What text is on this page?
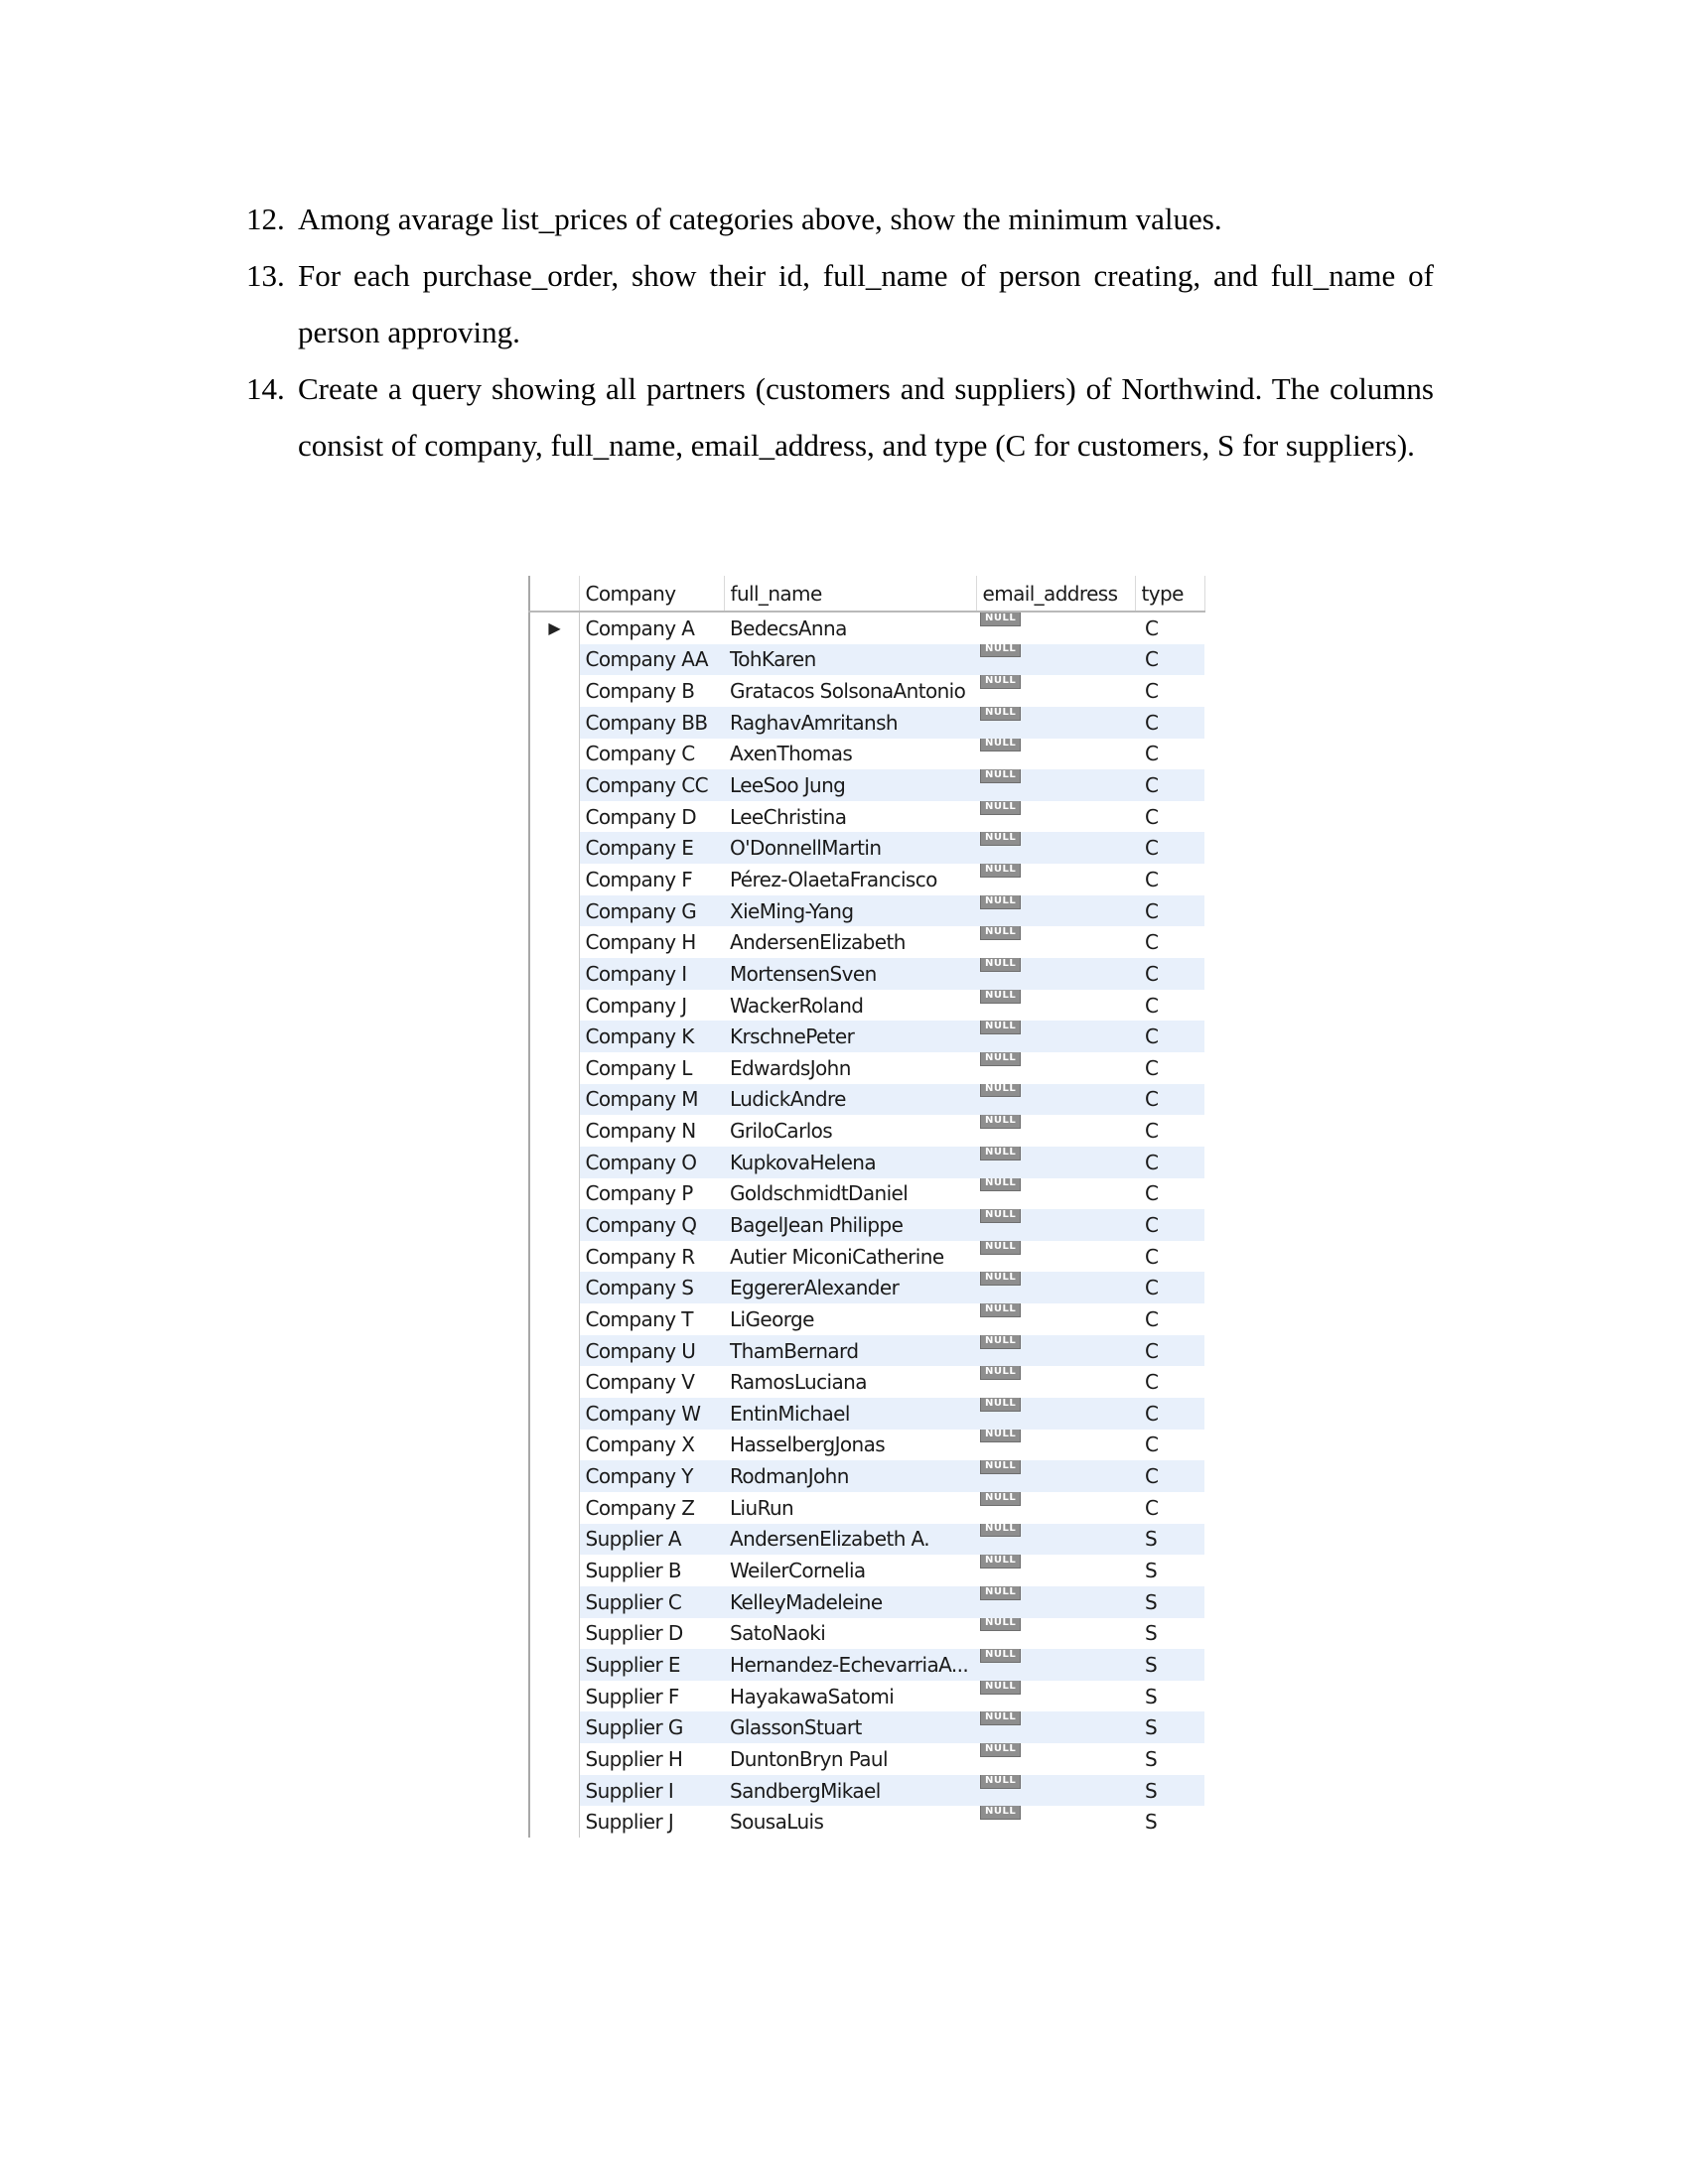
12. Among avarage list_prices of categories above, show the minimum values.
13. For each purchase_order, show their id, full_name of person creating, and full_name of person approving.
14. Create a query showing all partners (customers and suppliers) of Northwind. The columns consist of company, full_name, email_address, and type (C for customers, S for suppliers).
	Company	full_name	email_address	type
▶	Company A	BedecsAnna	NULL	C
	Company AA	TohKaren	NULL	C
	Company B	Gratacos SolsonaAntonio	NULL	C
	Company BB	RaghavAmritansh	NULL	C
	Company C	AxenThomas	NULL	C
	Company CC	LeeSoo Jung	NULL	C
	Company D	LeeChristina	NULL	C
	Company E	O'DonnellMartin	NULL	C
	Company F	Pérez-OlaetaFrancisco	NULL	C
	Company G	XieMing-Yang	NULL	C
	Company H	AndersenElizabeth	NULL	C
	Company I	MortensenSven	NULL	C
	Company J	WackerRoland	NULL	C
	Company K	KrschnePeter	NULL	C
	Company L	EdwardsJohn	NULL	C
	Company M	LudickAndre	NULL	C
	Company N	GriloCarlos	NULL	C
	Company O	KupkovaHelena	NULL	C
	Company P	GoldschmidtDaniel	NULL	C
	Company Q	BagelJean Philippe	NULL	C
	Company R	Autier MiconiCatherine	NULL	C
	Company S	EggererAlexander	NULL	C
	Company T	LiGeorge	NULL	C
	Company U	ThamBernard	NULL	C
	Company V	RamosLuciana	NULL	C
	Company W	EntinMichael	NULL	C
	Company X	HasselbergJonas	NULL	C
	Company Y	RodmanJohn	NULL	C
	Company Z	LiuRun	NULL	C
	Supplier A	AndersenElizabeth A.	NULL	S
	Supplier B	WeilerCornelia	NULL	S
	Supplier C	KelleyMadeleine	NULL	S
	Supplier D	SatoNaoki	NULL	S
	Supplier E	Hernandez-EchevarriaA...	NULL	S
	Supplier F	HayakawaSatomi	NULL	S
	Supplier G	GlassonStuart	NULL	S
	Supplier H	DuntonBryn Paul	NULL	S
	Supplier I	SandbergMikael	NULL	S
	Supplier J	SousaLuis	NULL	S
